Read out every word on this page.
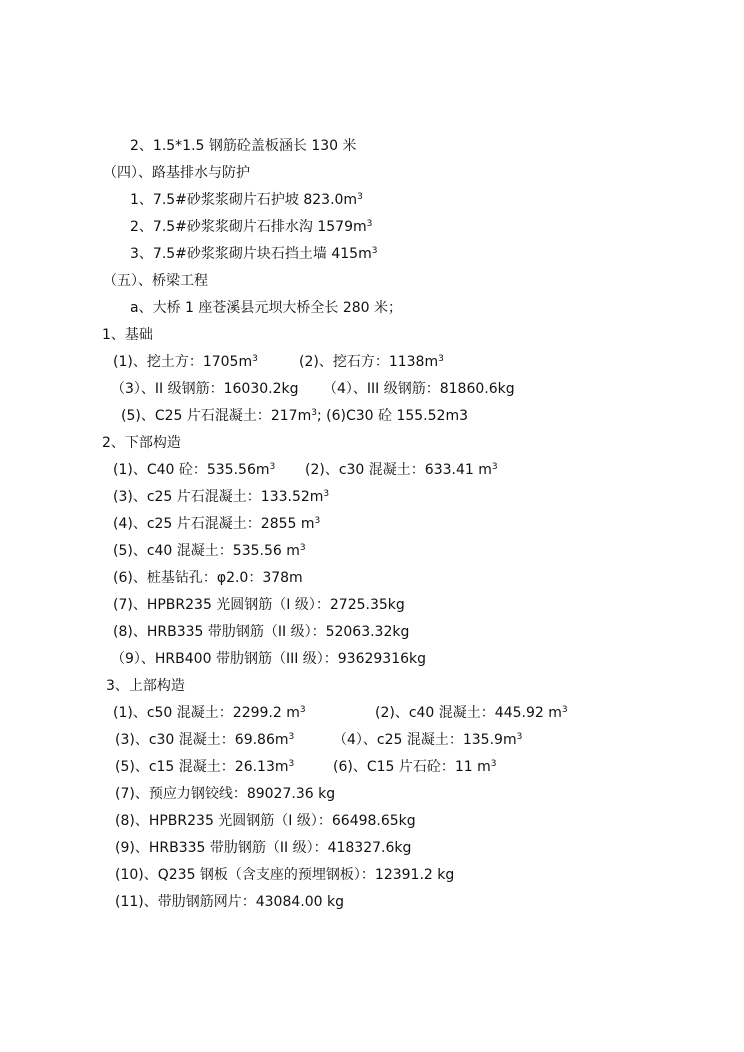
2、1.5*1.5 钢筋砼盖板涵长 130 米
（四）、路基排水与防护
1、7.5#砂浆浆砌片石护坡 $823.0m^3$
2、7.5#砂浆浆砌片石排水沟 $1579m^3$
3、7.5#砂浆浆砌片块石挡土墙 $415m^3$
（五）、桥梁工程
a、大桥 1 座苍溪县元坝大桥全长 280 米；
1、基础
(1)、挖土方：$1705m^3$	(2)、挖石方：$1138m^3$
（3）、II 级钢筋：16030.2kg （4）、III 级钢筋：81860.6kg
(5)、C25 片石混凝土：$217m^3$; (6)C30 砼 155.52m3
2、下部构造
(1)、C40 砼：$535.56m^3$ (2)、c30 混凝土：633.41 $m^3$
(3)、c25 片石混凝土：$133.52m^3$
(4)、c25 片石混凝土：2855 $m^3$
(5)、c40 混凝土：535.56 $m^3$
(6)、桩基钻孔：φ2.0：378m
(7)、HPBR235 光圆钢筋（I 级）：2725.35kg
(8)、HRB335 带肋钢筋（II 级）：52063.32kg
（9）、HRB400 带肋钢筋（III 级）：93629316kg
3、上部构造
(1)、c50 混凝土：2299.2 $m^3$	(2)、c40 混凝土：445.92 $m^3$
(3)、c30 混凝土：$69.86m^3$	（4）、c25 混凝土：$135.9m^3$
(5)、c15 混凝土：$26.13m^3$	(6)、C15 片石砼：11 $m^3$
(7)、预应力钢铰线：89027.36 kg
(8)、HPBR235 光圆钢筋（I 级）：66498.65kg
(9)、HRB335 带肋钢筋（II 级）：418327.6kg
(10)、Q235 钢板（含支座的预埋钢板）：12391.2 kg
(11)、带肋钢筋网片：43084.00 kg
